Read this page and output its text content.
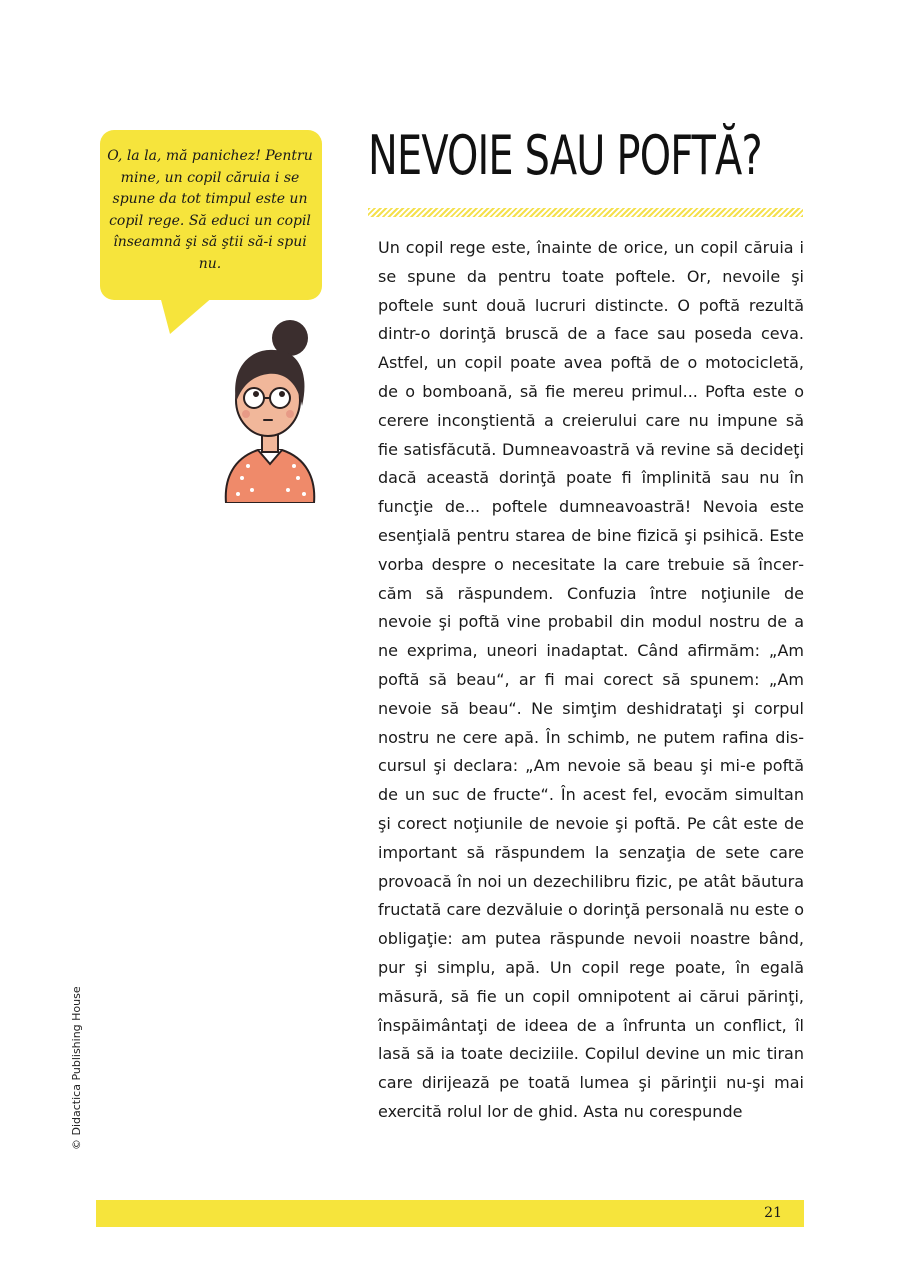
NEVOIE SAU POFTĂ?

O, la la, mă panichez! Pentru mine, un copil căruia i se spune da tot timpul este un copil rege. Să educi un copil înseamnă şi să ştii să-i spui nu.

Un copil rege este, înainte de orice, un copil căruia i se spune da pentru toate poftele. Or, nevoile şi poftele sunt două lucruri distincte. O poftă rezultă dintr-o dorinţă bruscă de a face sau poseda ceva. Astfel, un copil poate avea poftă de o motocicletă, de o bomboană, să fie mereu primul... Pofta este o cerere inconştientă a creierului care nu impune să fie satisfăcută. Dumneavoastră vă revine să decideţi dacă această dorinţă poate fi împlinită sau nu în funcţie de... poftele dumneavoastră! Nevoia este esenţială pentru starea de bine fizică şi psihică. Este vorba despre o necesitate la care trebuie să încercăm să răspundem. Confuzia între noţiunile de nevoie şi poftă vine probabil din modul nostru de a ne exprima, uneori inadaptat. Când afirmăm: „Am poftă să beau“, ar fi mai corect să spunem: „Am nevoie să beau“. Ne simţim deshidrataţi şi corpul nostru ne cere apă. În schimb, ne putem rafina discursul şi declara: „Am nevoie să beau şi mi-e poftă de un suc de fructe“. În acest fel, evocăm simultan şi corect noţiunile de nevoie şi poftă. Pe cât este de important să răspundem la senzaţia de sete care provoacă în noi un dezechilibru fizic, pe atât băutura fructată care dezvăluie o dorinţă personală nu este o obligaţie: am putea răspunde nevoii noastre bând, pur şi simplu, apă. Un copil rege poate, în egală măsură, să fie un copil omnipotent ai cărui părinţi, înspăimântaţi de ideea de a înfrunta un conflict, îl lasă să ia toate deciziile. Copilul devine un mic tiran care dirijează pe toată lumea şi părinţii nu-şi mai exercită rolul lor de ghid. Asta nu corespunde
© Didactica Publishing House
21
